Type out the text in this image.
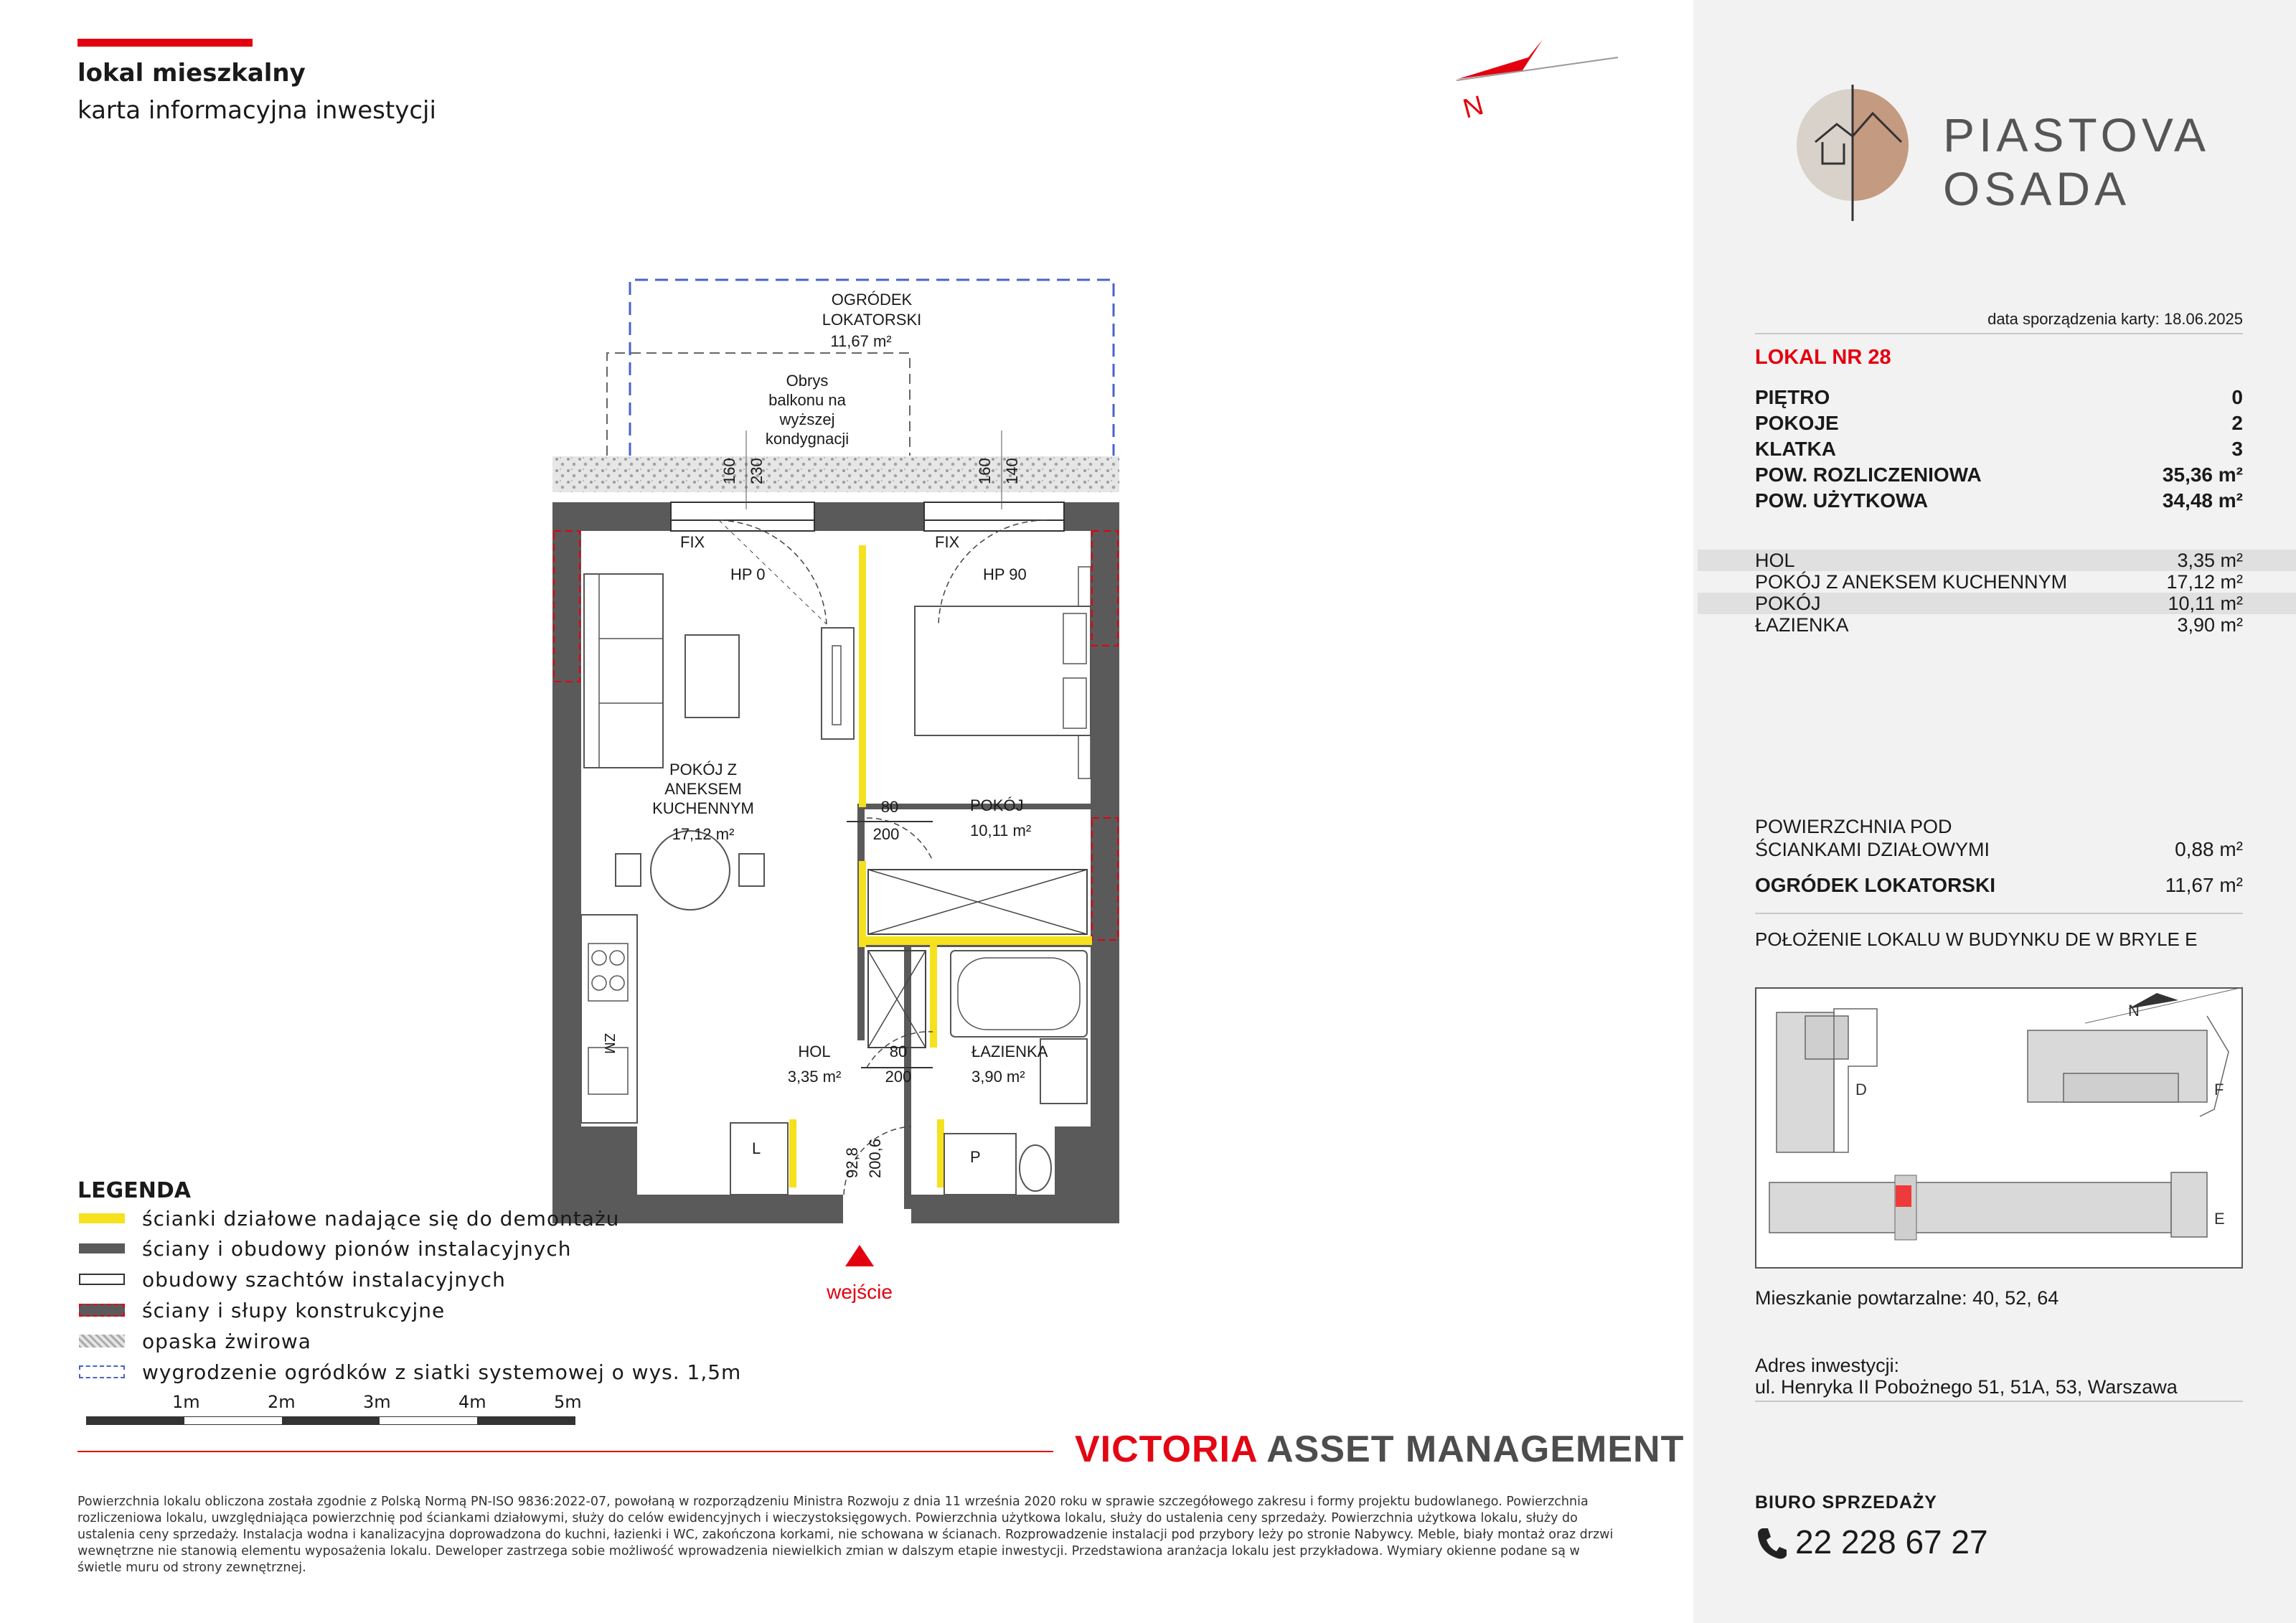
lokal mieszkalny
karta informacyjna inwestycji	N
OGRÓDEK
LOKATORSKI
11,67 m²
Obrys
balkonu na
wyższej
kondygnacji
160 230	160 140
FIX	FIX
HP 0	HP 90
POKÓJ Z
ANEKSEM
KUCHENNYM
17,12 m²
POKÓJ
10,11 m²
80
200
HOL
3,35 m²
80
200
ŁAZIENKA
3,90 m²
92,8 200,6
ZM
L	P
wejście
LEGENDA
ścianki działowe nadające się do demontażu
ściany i obudowy pionów instalacyjnych
obudowy szachtów instalacyjnych
ściany i słupy konstrukcyjne
opaska żwirowa
wygrodzenie ogródków z siatki systemowej o wys. 1,5m
1m	2m	3m	4m	5m
VICTORIA ASSET MANAGEMENT
Powierzchnia lokalu obliczona została zgodnie z Polską Normą PN-ISO 9836:2022-07, powołaną w rozporządzeniu Ministra Rozwoju z dnia 11 września 2020 roku w sprawie szczegółowego zakresu i formy projektu budowlanego. Powierzchnia rozliczeniowa lokalu, uwzględniająca powierzchnię pod ściankami działowymi, służy do celów ewidencyjnych i wieczystoksięgowych. Powierzchnia użytkowa lokalu, służy do ustalenia ceny sprzedaży. Powierzchnia użytkowa lokalu, służy do ustalenia ceny sprzedaży. Instalacja wodna i kanalizacyjna doprowadzona do kuchni, łazienki i WC, zakończona korkami, nie schowana w ścianach. Rozprowadzenie instalacji pod przybory leży po stronie Nabywcy. Meble, biały montaż oraz drzwi wewnętrzne nie stanowią elementu wyposażenia lokalu. Deweloper zastrzega sobie możliwość wprowadzenia niewielkich zmian w dalszym etapie inwestycji. Przedstawiona aranżacja lokalu jest przykładowa. Wymiary okienne podane są w świetle muru od strony zewnętrznej.
PIASTOVA
OSADA
data sporządzenia karty: 18.06.2025
LOKAL NR 28
PIĘTRO	0
POKOJE	2
KLATKA	3
POW. ROZLICZENIOWA	35,36 m²
POW. UŻYTKOWA	34,48 m²
HOL	3,35 m²
POKÓJ Z ANEKSEM KUCHENNYM	17,12 m²
POKÓJ	10,11 m²
ŁAZIENKA	3,90 m²
POWIERZCHNIA POD
ŚCIANKAMI DZIAŁOWYMI	0,88 m²
OGRÓDEK LOKATORSKI	11,67 m²
POŁOŻENIE LOKALU W BUDYNKU DE W BRYLE E
N
D	F
E
Mieszkanie powtarzalne: 40, 52, 64
Adres inwestycji:
ul. Henryka II Pobożnego 51, 51A, 53, Warszawa
BIURO SPRZEDAŻY
22 228 67 27
